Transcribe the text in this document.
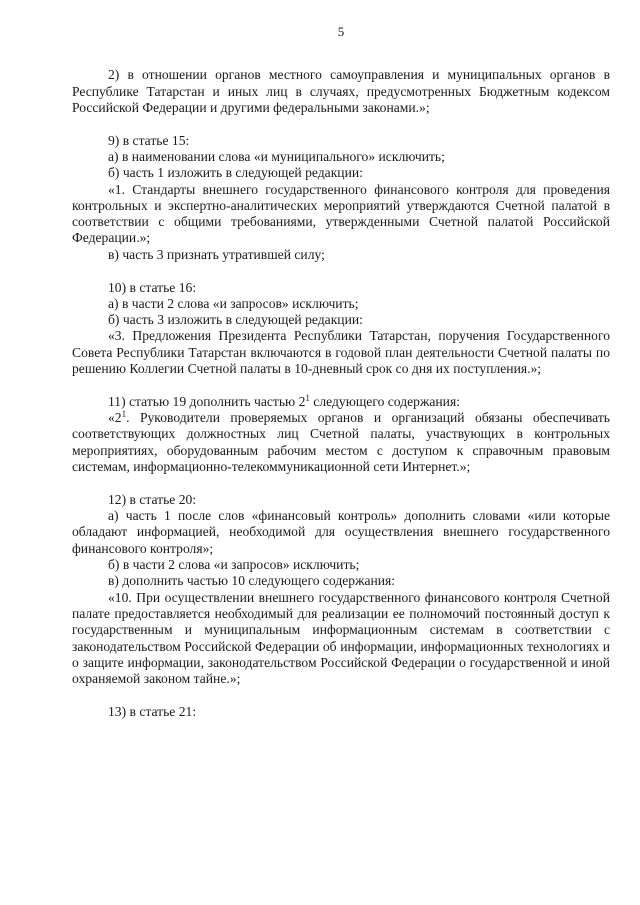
5

2) в отношении органов местного самоуправления и муниципальных органов в Республике Татарстан и иных лиц в случаях, предусмотренных Бюджетным кодексом Российской Федерации и другими федеральными законами.»;

9) в статье 15:

а) в наименовании слова «и муниципального» исключить;

б) часть 1 изложить в следующей редакции:

«1. Стандарты внешнего государственного финансового контроля для проведения контрольных и экспертно-аналитических мероприятий утверждаются Счетной палатой в соответствии с общими требованиями, утвержденными Счетной палатой Российской Федерации.»;

в) часть 3 признать утратившей силу;

10) в статье 16:

а) в части 2 слова «и запросов» исключить;

б) часть 3 изложить в следующей редакции:

«3. Предложения Президента Республики Татарстан, поручения Государственного Совета Республики Татарстан включаются в годовой план деятельности Счетной палаты по решению Коллегии Счетной палаты в 10-дневный срок со дня их поступления.»;

11) статью 19 дополнить частью $2^1$ следующего содержания:

«$2^1$. Руководители проверяемых органов и организаций обязаны обеспечивать соответствующих должностных лиц Счетной палаты, участвующих в контрольных мероприятиях, оборудованным рабочим местом с доступом к справочным правовым системам, информационно-телекоммуникационной сети Интернет.»;

12) в статье 20:

а) часть 1 после слов «финансовый контроль» дополнить словами «или которые обладают информацией, необходимой для осуществления внешнего государственного финансового контроля»;

б) в части 2 слова «и запросов» исключить;

в) дополнить частью 10 следующего содержания:

«10. При осуществлении внешнего государственного финансового контроля Счетной палате предоставляется необходимый для реализации ее полномочий постоянный доступ к государственным и муниципальным информационным системам в соответствии с законодательством Российской Федерации об информации, информационных технологиях и о защите информации, законодательством Российской Федерации о государственной и иной охраняемой законом тайне.»;

13) в статье 21:
